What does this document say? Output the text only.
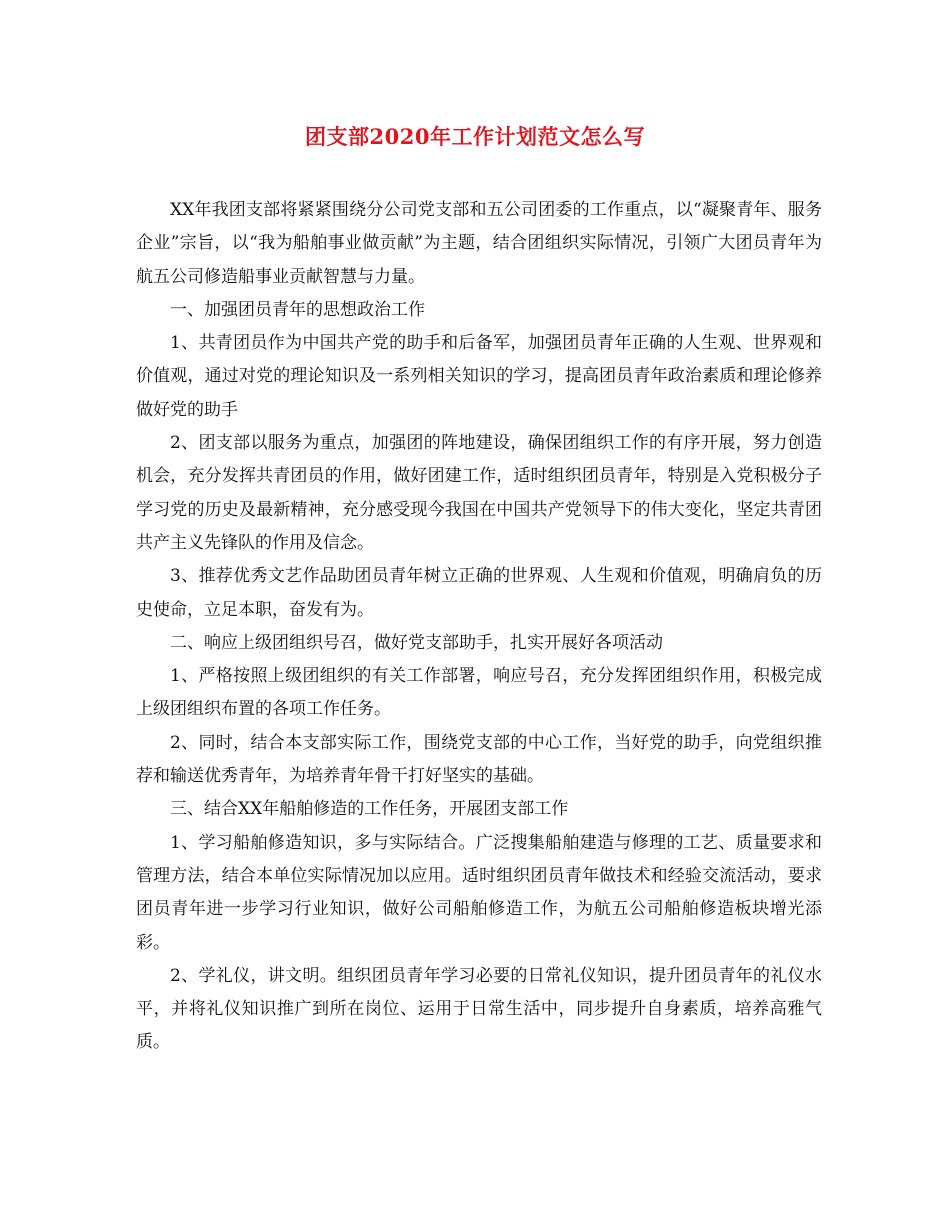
团支部2020年工作计划范文怎么写

XX年我团支部将紧紧围绕分公司党支部和五公司团委的工作重点，以“凝聚青年、服务企业”宗旨，以“我为船舶事业做贡献”为主题，结合团组织实际情况，引领广大团员青年为航五公司修造船事业贡献智慧与力量。

一、加强团员青年的思想政治工作

1、共青团员作为中国共产党的助手和后备军，加强团员青年正确的人生观、世界观和价值观，通过对党的理论知识及一系列相关知识的学习，提高团员青年政治素质和理论修养做好党的助手

2、团支部以服务为重点，加强团的阵地建设，确保团组织工作的有序开展，努力创造机会，充分发挥共青团员的作用，做好团建工作，适时组织团员青年，特别是入党积极分子学习党的历史及最新精神，充分感受现今我国在中国共产党领导下的伟大变化，坚定共青团共产主义先锋队的作用及信念。

3、推荐优秀文艺作品助团员青年树立正确的世界观、人生观和价值观，明确肩负的历史使命，立足本职，奋发有为。

二、响应上级团组织号召，做好党支部助手，扎实开展好各项活动

1、严格按照上级团组织的有关工作部署，响应号召，充分发挥团组织作用，积极完成上级团组织布置的各项工作任务。

2、同时，结合本支部实际工作，围绕党支部的中心工作，当好党的助手，向党组织推荐和输送优秀青年，为培养青年骨干打好坚实的基础。

三、结合XX年船舶修造的工作任务，开展团支部工作

1、学习船舶修造知识，多与实际结合。广泛搜集船舶建造与修理的工艺、质量要求和管理方法，结合本单位实际情况加以应用。适时组织团员青年做技术和经验交流活动，要求团员青年进一步学习行业知识，做好公司船舶修造工作，为航五公司船舶修造板块增光添彩。

2、学礼仪，讲文明。组织团员青年学习必要的日常礼仪知识，提升团员青年的礼仪水平，并将礼仪知识推广到所在岗位、运用于日常生活中，同步提升自身素质，培养高雅气质。
